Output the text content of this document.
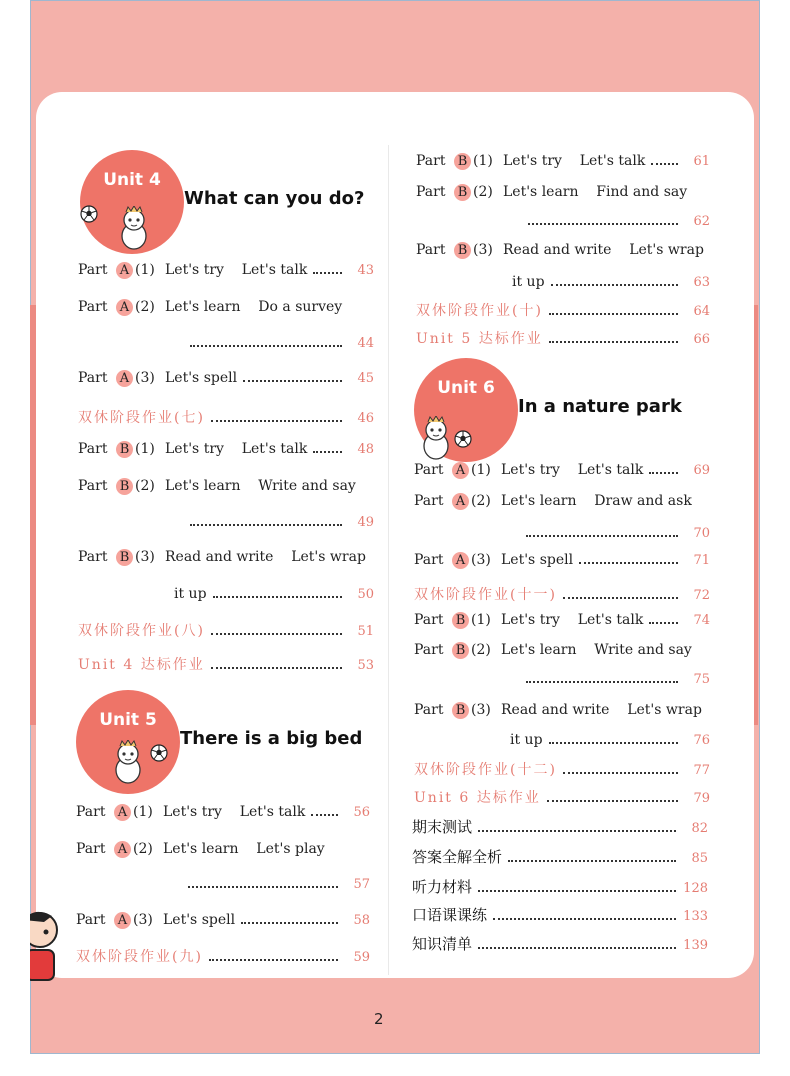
Unit 4
What can you do?
Part A (1) Let's try    Let's talk	43
Part A (2) Let's learn    Do a survey
44
Part A (3) Let's spell	45
双休阶段作业(七)	46
Part B (1) Let's try    Let's talk	48
Part B (2) Let's learn    Write and say
49
Part B (3) Read and write    Let's wrap
it up	50
双休阶段作业(八)	51
Unit 4 达标作业	53
Unit 5
There is a big bed
Part A (1) Let's try    Let's talk	56
Part A (2) Let's learn    Let's play
57
Part A (3) Let's spell	58
双休阶段作业(九)	59
Part B (1) Let's try    Let's talk	61
Part B (2) Let's learn    Find and say
62
Part B (3) Read and write    Let's wrap
it up	63
双休阶段作业(十)	64
Unit 5 达标作业	66
Unit 6
In a nature park
Part A (1) Let's try    Let's talk	69
Part A (2) Let's learn    Draw and ask
70
Part A (3) Let's spell	71
双休阶段作业(十一)	72
Part B (1) Let's try    Let's talk	74
Part B (2) Let's learn    Write and say
75
Part B (3) Read and write    Let's wrap
it up	76
双休阶段作业(十二)	77
Unit 6 达标作业	79
期末测试	82
答案全解全析	85
听力材料	128
口语课课练	133
知识清单	139
2
